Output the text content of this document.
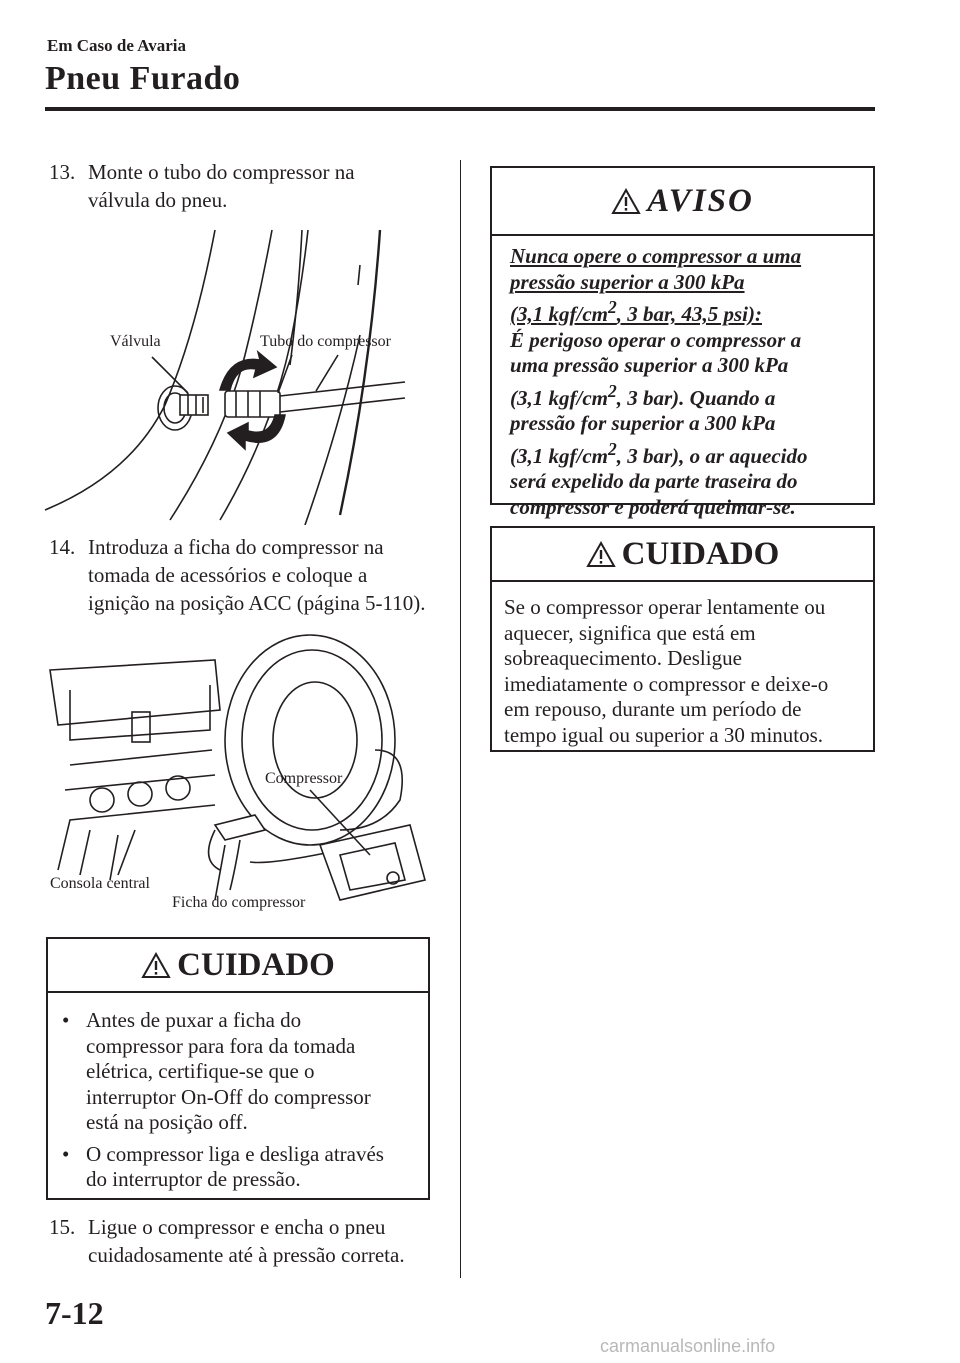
Em Caso de Avaria
Pneu Furado
13. Monte o tubo do compressor na
válvula do pneu.
Válvula	Tubo do compressor
14. Introduza a ficha do compressor na
tomada de acessórios e coloque a
ignição na posição ACC (página 5-110).
Compressor
Consola central
Ficha do compressor
CUIDADO
• Antes de puxar a ficha do
compressor para fora da tomada
elétrica, certifique-se que o
interruptor On-Off do compressor
está na posição off.
• O compressor liga e desliga através
do interruptor de pressão.
15. Ligue o compressor e encha o pneu
cuidadosamente até à pressão correta.
AVISO
Nunca opere o compressor a uma
pressão superior a 300 kPa
(3,1 kgf/$cm^2$, 3 bar, 43,5 psi):
É perigoso operar o compressor a
uma pressão superior a 300 kPa
(3,1 kgf/$cm^2$, 3 bar). Quando a
pressão for superior a 300 kPa
(3,1 kgf/$cm^2$, 3 bar), o ar aquecido
será expelido da parte traseira do
compressor e poderá queimar-se.
CUIDADO
Se o compressor operar lentamente ou
aquecer, significa que está em
sobreaquecimento. Desligue
imediatamente o compressor e deixe-o
em repouso, durante um período de
tempo igual ou superior a 30 minutos.
7-12
carmanualsonline.info
